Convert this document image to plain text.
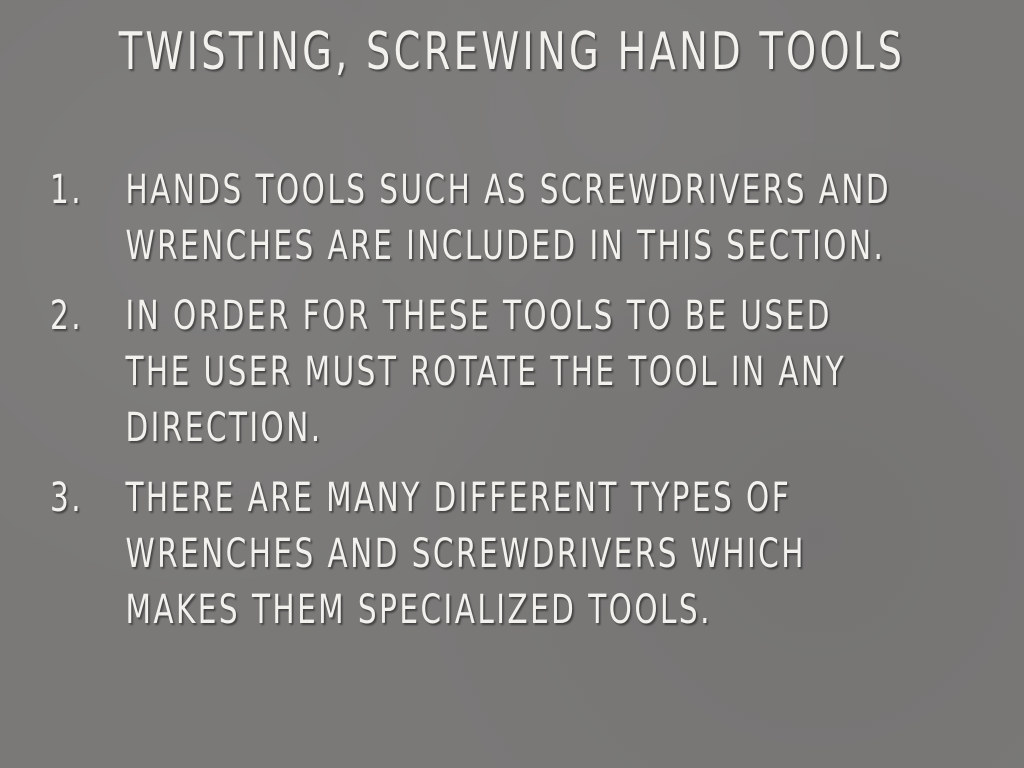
TWISTING, SCREWING HAND TOOLS
1. HANDS TOOLS SUCH AS SCREWDRIVERS AND
WRENCHES ARE INCLUDED IN THIS SECTION.
2. IN ORDER FOR THESE TOOLS TO BE USED
THE USER MUST ROTATE THE TOOL IN ANY
DIRECTION.
3. THERE ARE MANY DIFFERENT TYPES OF
WRENCHES AND SCREWDRIVERS WHICH
MAKES THEM SPECIALIZED TOOLS.
